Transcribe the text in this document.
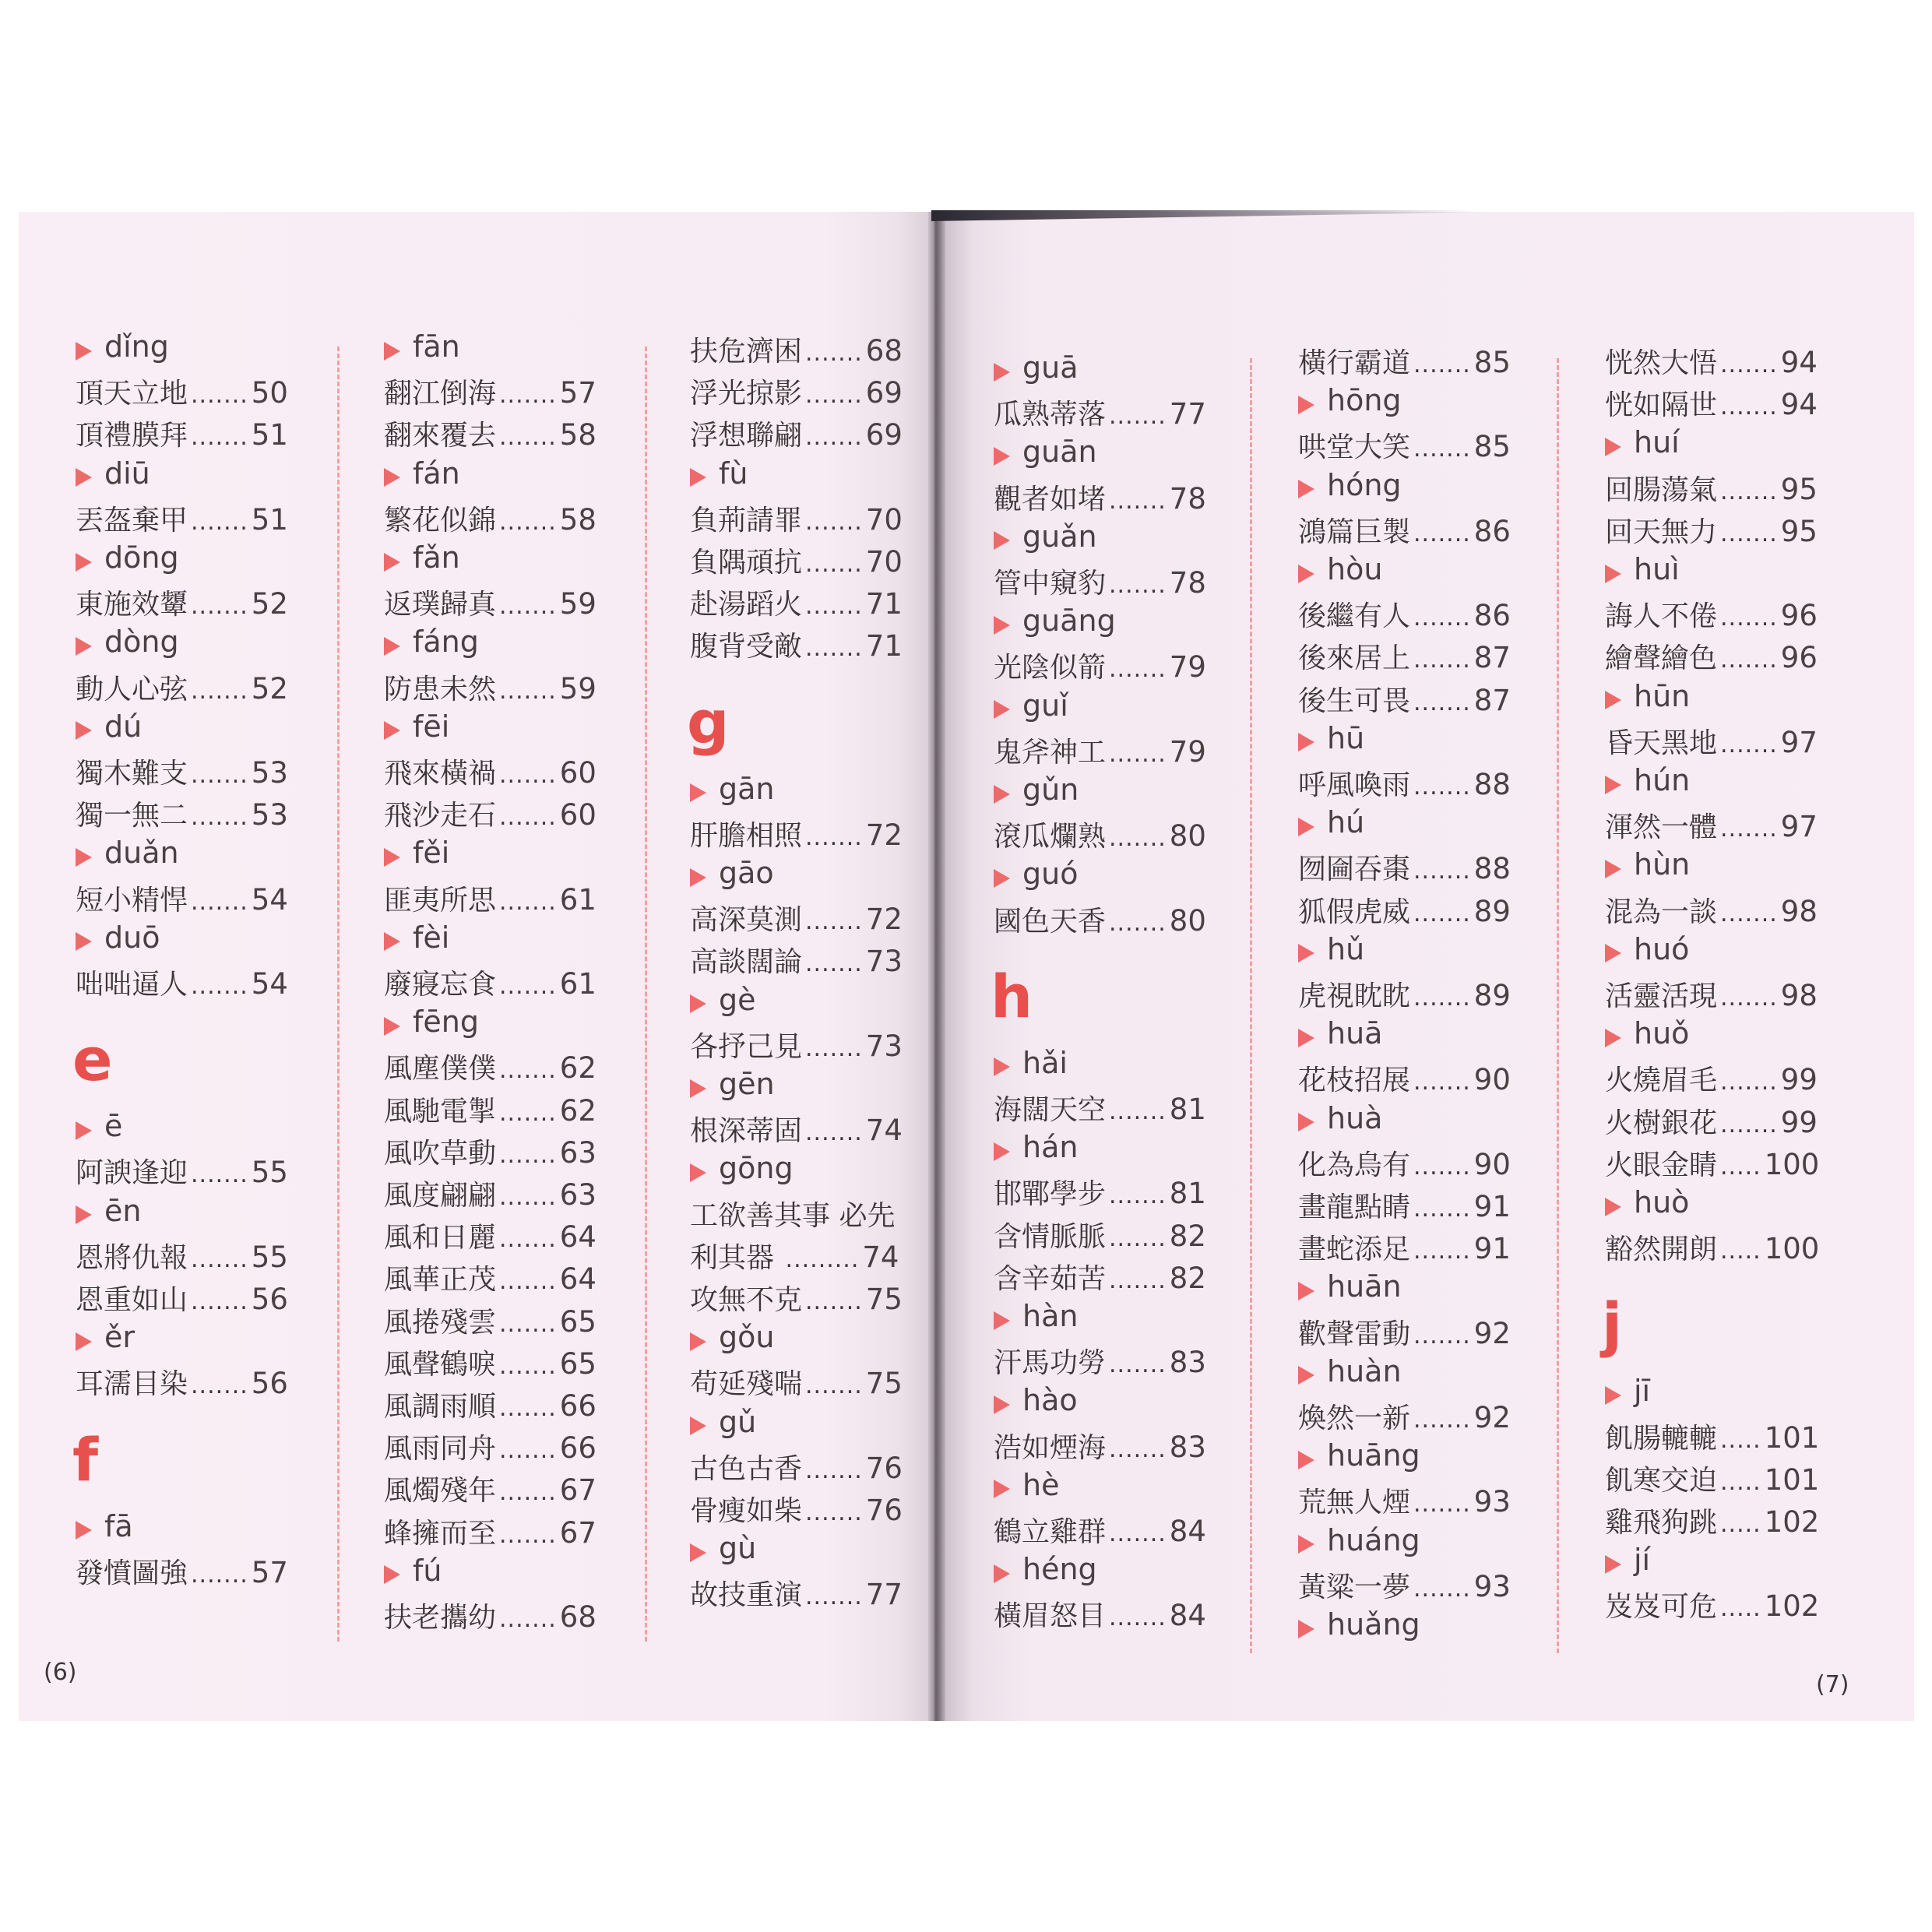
dǐng
頂天立地 ....... 50
頂禮膜拜 ....... 51
diū
丟盔棄甲 ....... 51
dōng
東施效顰 ....... 52
dòng
動人心弦 ....... 52
dú
獨木難支 ....... 53
獨一無二 ....... 53
duǎn
短小精悍 ....... 54
duō
咄咄逼人 ....... 54
e
ē
阿諛逢迎 ....... 55
ēn
恩將仇報 ....... 55
恩重如山 ....... 56
ěr
耳濡目染 ....... 56
f
fā
發憤圖強 ....... 57
fān
翻江倒海 ....... 57
翻來覆去 ....... 58
fán
繁花似錦 ....... 58
fǎn
返璞歸真 ....... 59
fáng
防患未然 ....... 59
fēi
飛來橫禍 ....... 60
飛沙走石 ....... 60
fěi
匪夷所思 ....... 61
fèi
廢寢忘食 ....... 61
fēng
風塵僕僕 ....... 62
風馳電掣 ....... 62
風吹草動 ....... 63
風度翩翩 ....... 63
風和日麗 ....... 64
風華正茂 ....... 64
風捲殘雲 ....... 65
風聲鶴唳 ....... 65
風調雨順 ....... 66
風雨同舟 ....... 66
風燭殘年 ....... 67
蜂擁而至 ....... 67
fú
扶老攜幼 ....... 68
扶危濟困 ....... 68
浮光掠影 ....... 69
浮想聯翩 ....... 69
fù
負荊請罪 ....... 70
負隅頑抗 ....... 70
赴湯蹈火 ....... 71
腹背受敵 ....... 71
g
gān
肝膽相照 ....... 72
gāo
高深莫測 ....... 72
高談闊論 ....... 73
gè
各抒己見 ....... 73
gēn
根深蒂固 ....... 74
gōng
工欲善其事 必先
利其器 ......... 74
攻無不克 ....... 75
gǒu
苟延殘喘 ....... 75
gǔ
古色古香 ....... 76
骨瘦如柴 ....... 76
gù
故技重演 ....... 77
guā
瓜熟蒂落 ....... 77
guān
觀者如堵 ....... 78
guǎn
管中窺豹 ....... 78
guāng
光陰似箭 ....... 79
guǐ
鬼斧神工 ....... 79
gǔn
滾瓜爛熟 ....... 80
guó
國色天香 ....... 80
h
hǎi
海闊天空 ....... 81
hán
邯鄲學步 ....... 81
含情脈脈 ....... 82
含辛茹苦 ....... 82
hàn
汗馬功勞 ....... 83
hào
浩如煙海 ....... 83
hè
鶴立雞群 ....... 84
héng
橫眉怒目 ....... 84
橫行霸道 ....... 85
hōng
哄堂大笑 ....... 85
hóng
鴻篇巨製 ....... 86
hòu
後繼有人 ....... 86
後來居上 ....... 87
後生可畏 ....... 87
hū
呼風喚雨 ....... 88
hú
囫圇吞棗 ....... 88
狐假虎威 ....... 89
hǔ
虎視眈眈 ....... 89
huā
花枝招展 ....... 90
huà
化為烏有 ....... 90
畫龍點睛 ....... 91
畫蛇添足 ....... 91
huān
歡聲雷動 ....... 92
huàn
煥然一新 ....... 92
huāng
荒無人煙 ....... 93
huáng
黃粱一夢 ....... 93
huǎng
恍然大悟 ....... 94
恍如隔世 ....... 94
huí
回腸蕩氣 ....... 95
回天無力 ....... 95
huì
誨人不倦 ....... 96
繪聲繪色 ....... 96
hūn
昏天黑地 ....... 97
hún
渾然一體 ....... 97
hùn
混為一談 ....... 98
huó
活靈活現 ....... 98
huǒ
火燒眉毛 ....... 99
火樹銀花 ....... 99
火眼金睛 ..... 100
huò
豁然開朗 ..... 100
j
jī
飢腸轆轆 ..... 101
飢寒交迫 ..... 101
雞飛狗跳 ..... 102
jí
岌岌可危 ..... 102
(6)	(7)
